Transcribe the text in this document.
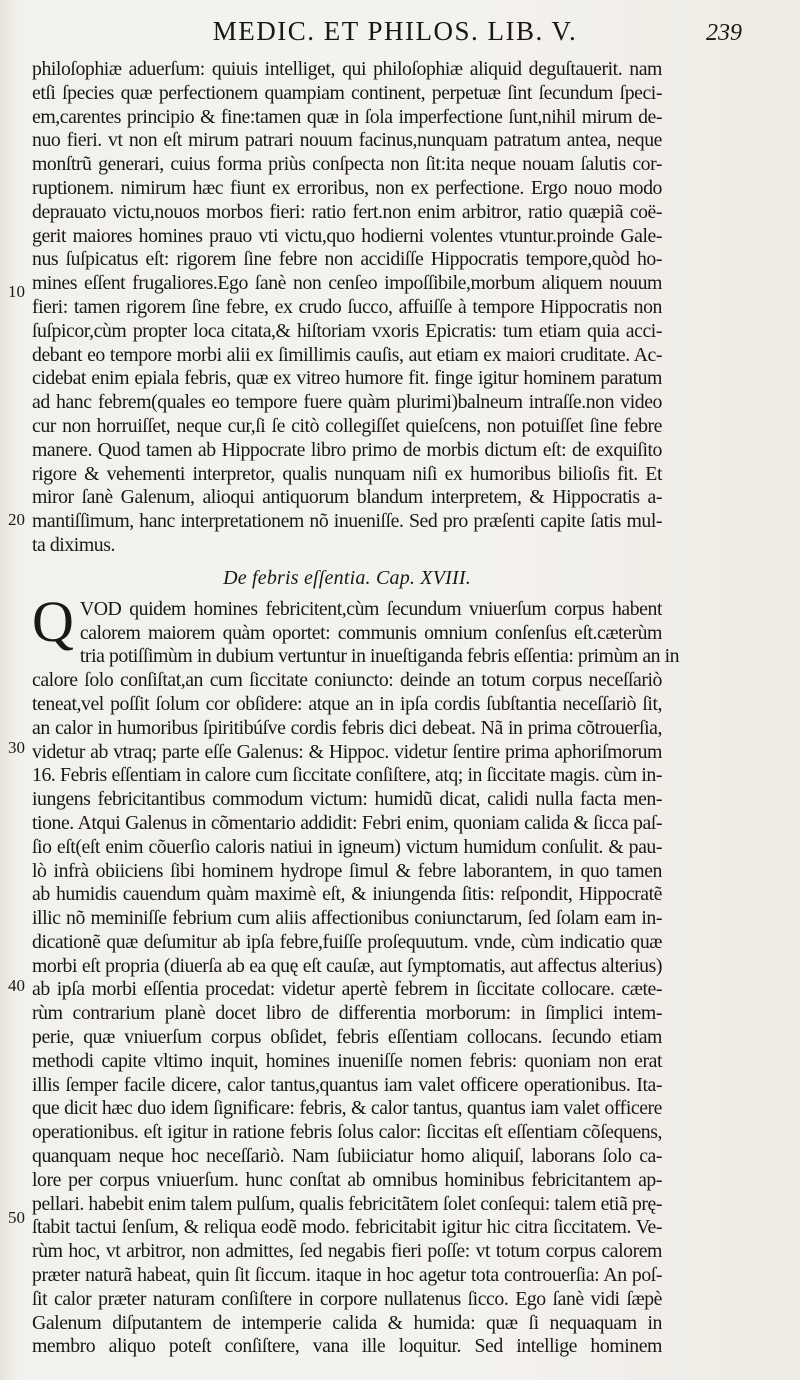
MEDIC. ET PHILOS. LIB. V.	239
10
20
30
40
50
philoſophiæ aduerſum: quiuis intelliget, qui philoſophiæ aliquid deguſtauerit. nam
etſi ſpecies quæ perfectionem quampiam continent, perpetuæ ſint ſecundum ſpeci-
em,carentes principio & fine:tamen quæ in ſola imperfectione ſunt,nihil mirum de-
nuo fieri. vt non eſt mirum patrari nouum facinus,nunquam patratum antea, neque
monſtrũ generari, cuius forma priùs conſpecta non ſit:ita neque nouam ſalutis cor-
ruptionem. nimirum hæc fiunt ex erroribus, non ex perfectione. Ergo nouo modo
deprauato victu,nouos morbos fieri: ratio fert.non enim arbitror, ratio quæpiã coë-
gerit maiores homines prauo vti victu,quo hodierni volentes vtuntur.proinde Gale-
nus ſuſpicatus eſt: rigorem ſine febre non accidiſſe Hippocratis tempore,quòd ho-
mines eſſent frugaliores.Ego ſanè non cenſeo impoſſibile,morbum aliquem nouum
fieri: tamen rigorem ſine febre, ex crudo ſucco, affuiſſe à tempore Hippocratis non
ſuſpicor,cùm propter loca citata,& hiſtoriam vxoris Epicratis: tum etiam quia acci-
debant eo tempore morbi alii ex ſimillimis cauſis, aut etiam ex maiori cruditate. Ac-
cidebat enim epiala febris, quæ ex vitreo humore fit. finge igitur hominem paratum
ad hanc febrem(quales eo tempore fuere quàm plurimi)balneum intraſſe.non video
cur non horruiſſet, neque cur,ſi ſe citò collegiſſet quieſcens, non potuiſſet ſine febre
manere. Quod tamen ab Hippocrate libro primo de morbis dictum eſt: de exquiſito
rigore & vehementi interpretor, qualis nunquam niſi ex humoribus bilioſis fit. Et
miror ſanè Galenum, alioqui antiquorum blandum interpretem, & Hippocratis a-
mantiſſimum, hanc interpretationem nõ inueniſſe. Sed pro præſenti capite ſatis mul-
ta diximus.
De febris eſſentia. Cap. XVIII.
Q VOD quidem homines febricitent,cùm ſecundum vniuerſum corpus habent
calorem maiorem quàm oportet: communis omnium conſenſus eſt.cæterùm
tria potiſſimùm in dubium vertuntur in inueſtiganda febris eſſentia: primùm an in
calore ſolo conſiſtat,an cum ſiccitate coniuncto: deinde an totum corpus neceſſariò
teneat,vel poſſit ſolum cor obſidere: atque an in ipſa cordis ſubſtantia neceſſariò ſit,
an calor in humoribus ſpiritibúſve cordis febris dici debeat. Nã in prima cõtrouerſia,
videtur ab vtraq; parte eſſe Galenus: & Hippoc. videtur ſentire prima aphoriſmorum
16. Febris eſſentiam in calore cum ſiccitate conſiſtere, atq; in ſiccitate magis. cùm in-
iungens febricitantibus commodum victum: humidũ dicat, calidi nulla facta men-
tione. Atqui Galenus in cõmentario addidit: Febri enim, quoniam calida & ſicca paſ-
ſio eſt(eſt enim cõuerſio caloris natiui in igneum) victum humidum conſulit. & pau-
lò infrà obiiciens ſibi hominem hydrope ſimul & febre laborantem, in quo tamen
ab humidis cauendum quàm maximè eſt, & iniungenda ſitis: reſpondit, Hippocratẽ
illic nõ meminiſſe febrium cum aliis affectionibus coniunctarum, ſed ſolam eam in-
dicationẽ quæ deſumitur ab ipſa febre,fuiſſe proſequutum. vnde, cùm indicatio quæ
morbi eſt propria (diuerſa ab ea quę eſt cauſæ, aut ſymptomatis, aut affectus alterius)
ab ipſa morbi eſſentia procedat: videtur apertè febrem in ſiccitate collocare. cæte-
rùm contrarium planè docet libro de differentia morborum: in ſimplici intem-
perie, quæ vniuerſum corpus obſidet, febris eſſentiam collocans. ſecundo etiam
methodi capite vltimo inquit, homines inueniſſe nomen febris: quoniam non erat
illis ſemper facile dicere, calor tantus,quantus iam valet officere operationibus. Ita-
que dicit hæc duo idem ſignificare: febris, & calor tantus, quantus iam valet officere
operationibus. eſt igitur in ratione febris ſolus calor: ſiccitas eſt eſſentiam cõſequens,
quanquam neque hoc neceſſariò. Nam ſubiiciatur homo aliquiſ, laborans ſolo ca-
lore per corpus vniuerſum. hunc conſtat ab omnibus hominibus febricitantem ap-
pellari. habebit enim talem pulſum, qualis febricitãtem ſolet conſequi: talem etiã prę-
ſtabit tactui ſenſum, & reliqua eodẽ modo. febricitabit igitur hic citra ſiccitatem. Ve-
rùm hoc, vt arbitror, non admittes, ſed negabis fieri poſſe: vt totum corpus calorem
præter naturã habeat, quin ſit ſiccum. itaque in hoc agetur tota controuerſia: An poſ-
ſit calor præter naturam conſiſtere in corpore nullatenus ſicco. Ego ſanè vidi ſæpè
Galenum diſputantem de intemperie calida & humida: quæ ſi nequaquam in
membro aliquo poteſt conſiſtere, vana ille loquitur. Sed intellige hominem
